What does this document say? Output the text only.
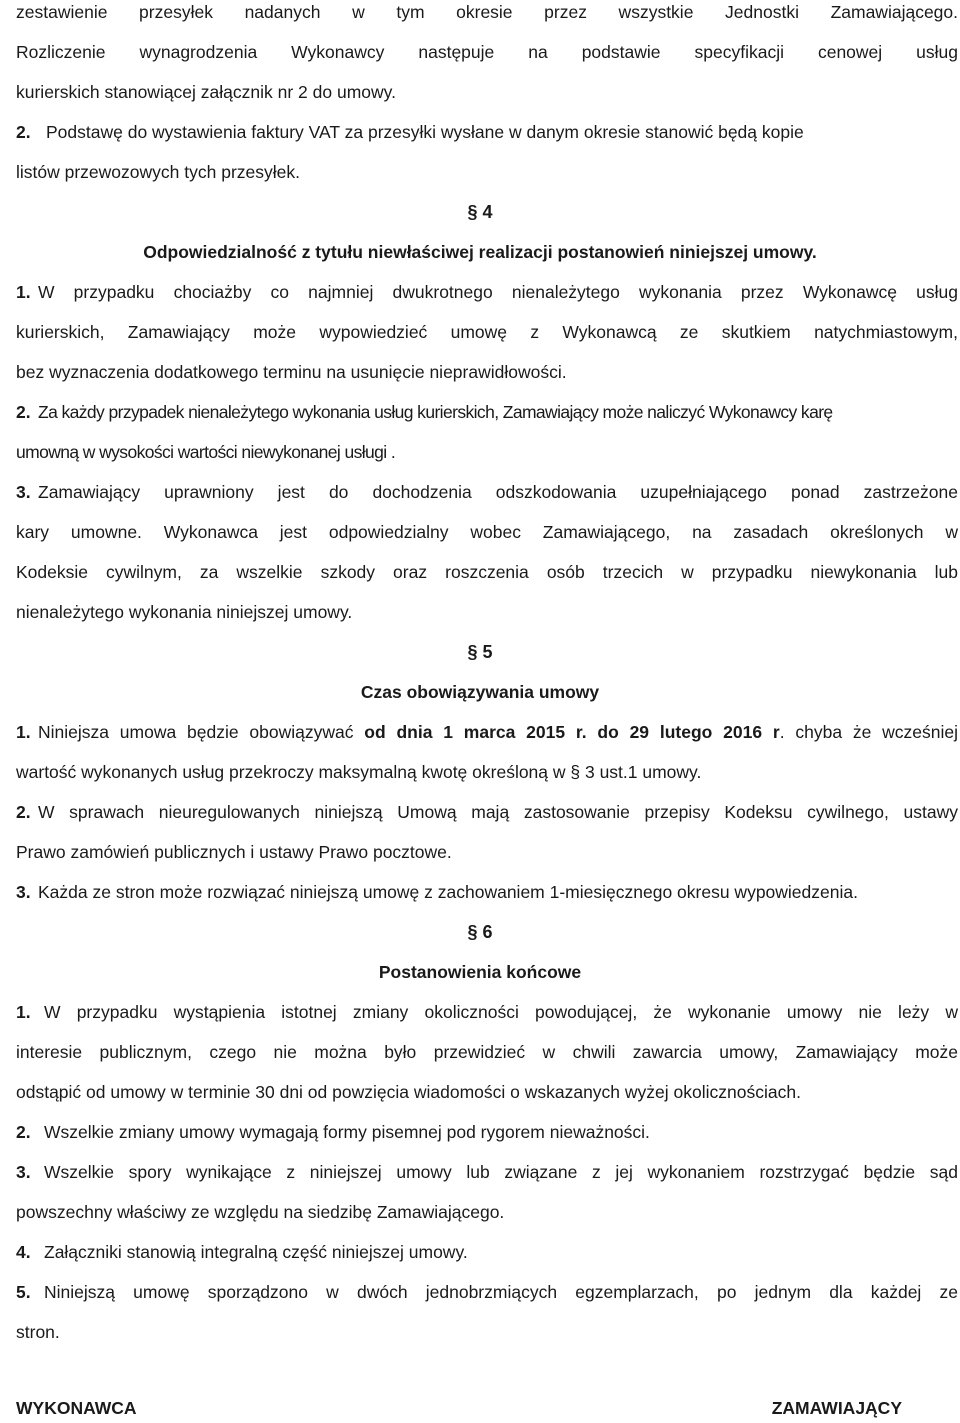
zestawienie przesyłek nadanych w tym okresie przez wszystkie Jednostki Zamawiającego.
Rozliczenie wynagrodzenia Wykonawcy następuje na podstawie specyfikacji cenowej usług
kurierskich stanowiącej załącznik nr 2 do umowy.
2. Podstawę do wystawienia faktury VAT za przesyłki wysłane w danym okresie stanowić będą kopie
listów przewozowych tych przesyłek.
§ 4
Odpowiedzialność z tytułu niewłaściwej realizacji postanowień niniejszej umowy.
1. W przypadku chociażby co najmniej dwukrotnego nienależytego wykonania przez Wykonawcę usług
kurierskich, Zamawiający może wypowiedzieć umowę z Wykonawcą ze skutkiem natychmiastowym,
bez wyznaczenia dodatkowego terminu na usunięcie nieprawidłowości.
2. Za każdy przypadek nienależytego wykonania usług kurierskich, Zamawiający może naliczyć Wykonawcy karę
umowną w wysokości wartości niewykonanej usługi .
3. Zamawiający uprawniony jest do dochodzenia odszkodowania uzupełniającego ponad zastrzeżone
kary umowne. Wykonawca jest odpowiedzialny wobec Zamawiającego, na zasadach określonych w
Kodeksie cywilnym, za wszelkie szkody oraz roszczenia osób trzecich w przypadku niewykonania lub
nienależytego wykonania niniejszej umowy.
§ 5
Czas obowiązywania umowy
1. Niniejsza umowa będzie obowiązywać od dnia 1 marca 2015 r. do 29 lutego 2016 r. chyba że wcześniej
wartość wykonanych usług przekroczy maksymalną kwotę określoną w § 3 ust.1 umowy.
2. W sprawach nieuregulowanych niniejszą Umową mają zastosowanie przepisy Kodeksu cywilnego, ustawy
Prawo zamówień publicznych i ustawy Prawo pocztowe.
3. Każda ze stron może rozwiązać niniejszą umowę z zachowaniem 1-miesięcznego okresu wypowiedzenia.
§ 6
Postanowienia końcowe
1. W przypadku wystąpienia istotnej zmiany okoliczności powodującej, że wykonanie umowy nie leży w
interesie publicznym, czego nie można było przewidzieć w chwili zawarcia umowy, Zamawiający może
odstąpić od umowy w terminie 30 dni od powzięcia wiadomości o wskazanych wyżej okolicznościach.
2. Wszelkie zmiany umowy wymagają formy pisemnej pod rygorem nieważności.
3. Wszelkie spory wynikające z niniejszej umowy lub związane z jej wykonaniem rozstrzygać będzie sąd
powszechny właściwy ze względu na siedzibę Zamawiającego.
4. Załączniki stanowią integralną część niniejszej umowy.
5. Niniejszą umowę sporządzono w dwóch jednobrzmiących egzemplarzach, po jednym dla każdej ze
stron.
WYKONAWCA	ZAMAWIAJĄCY
